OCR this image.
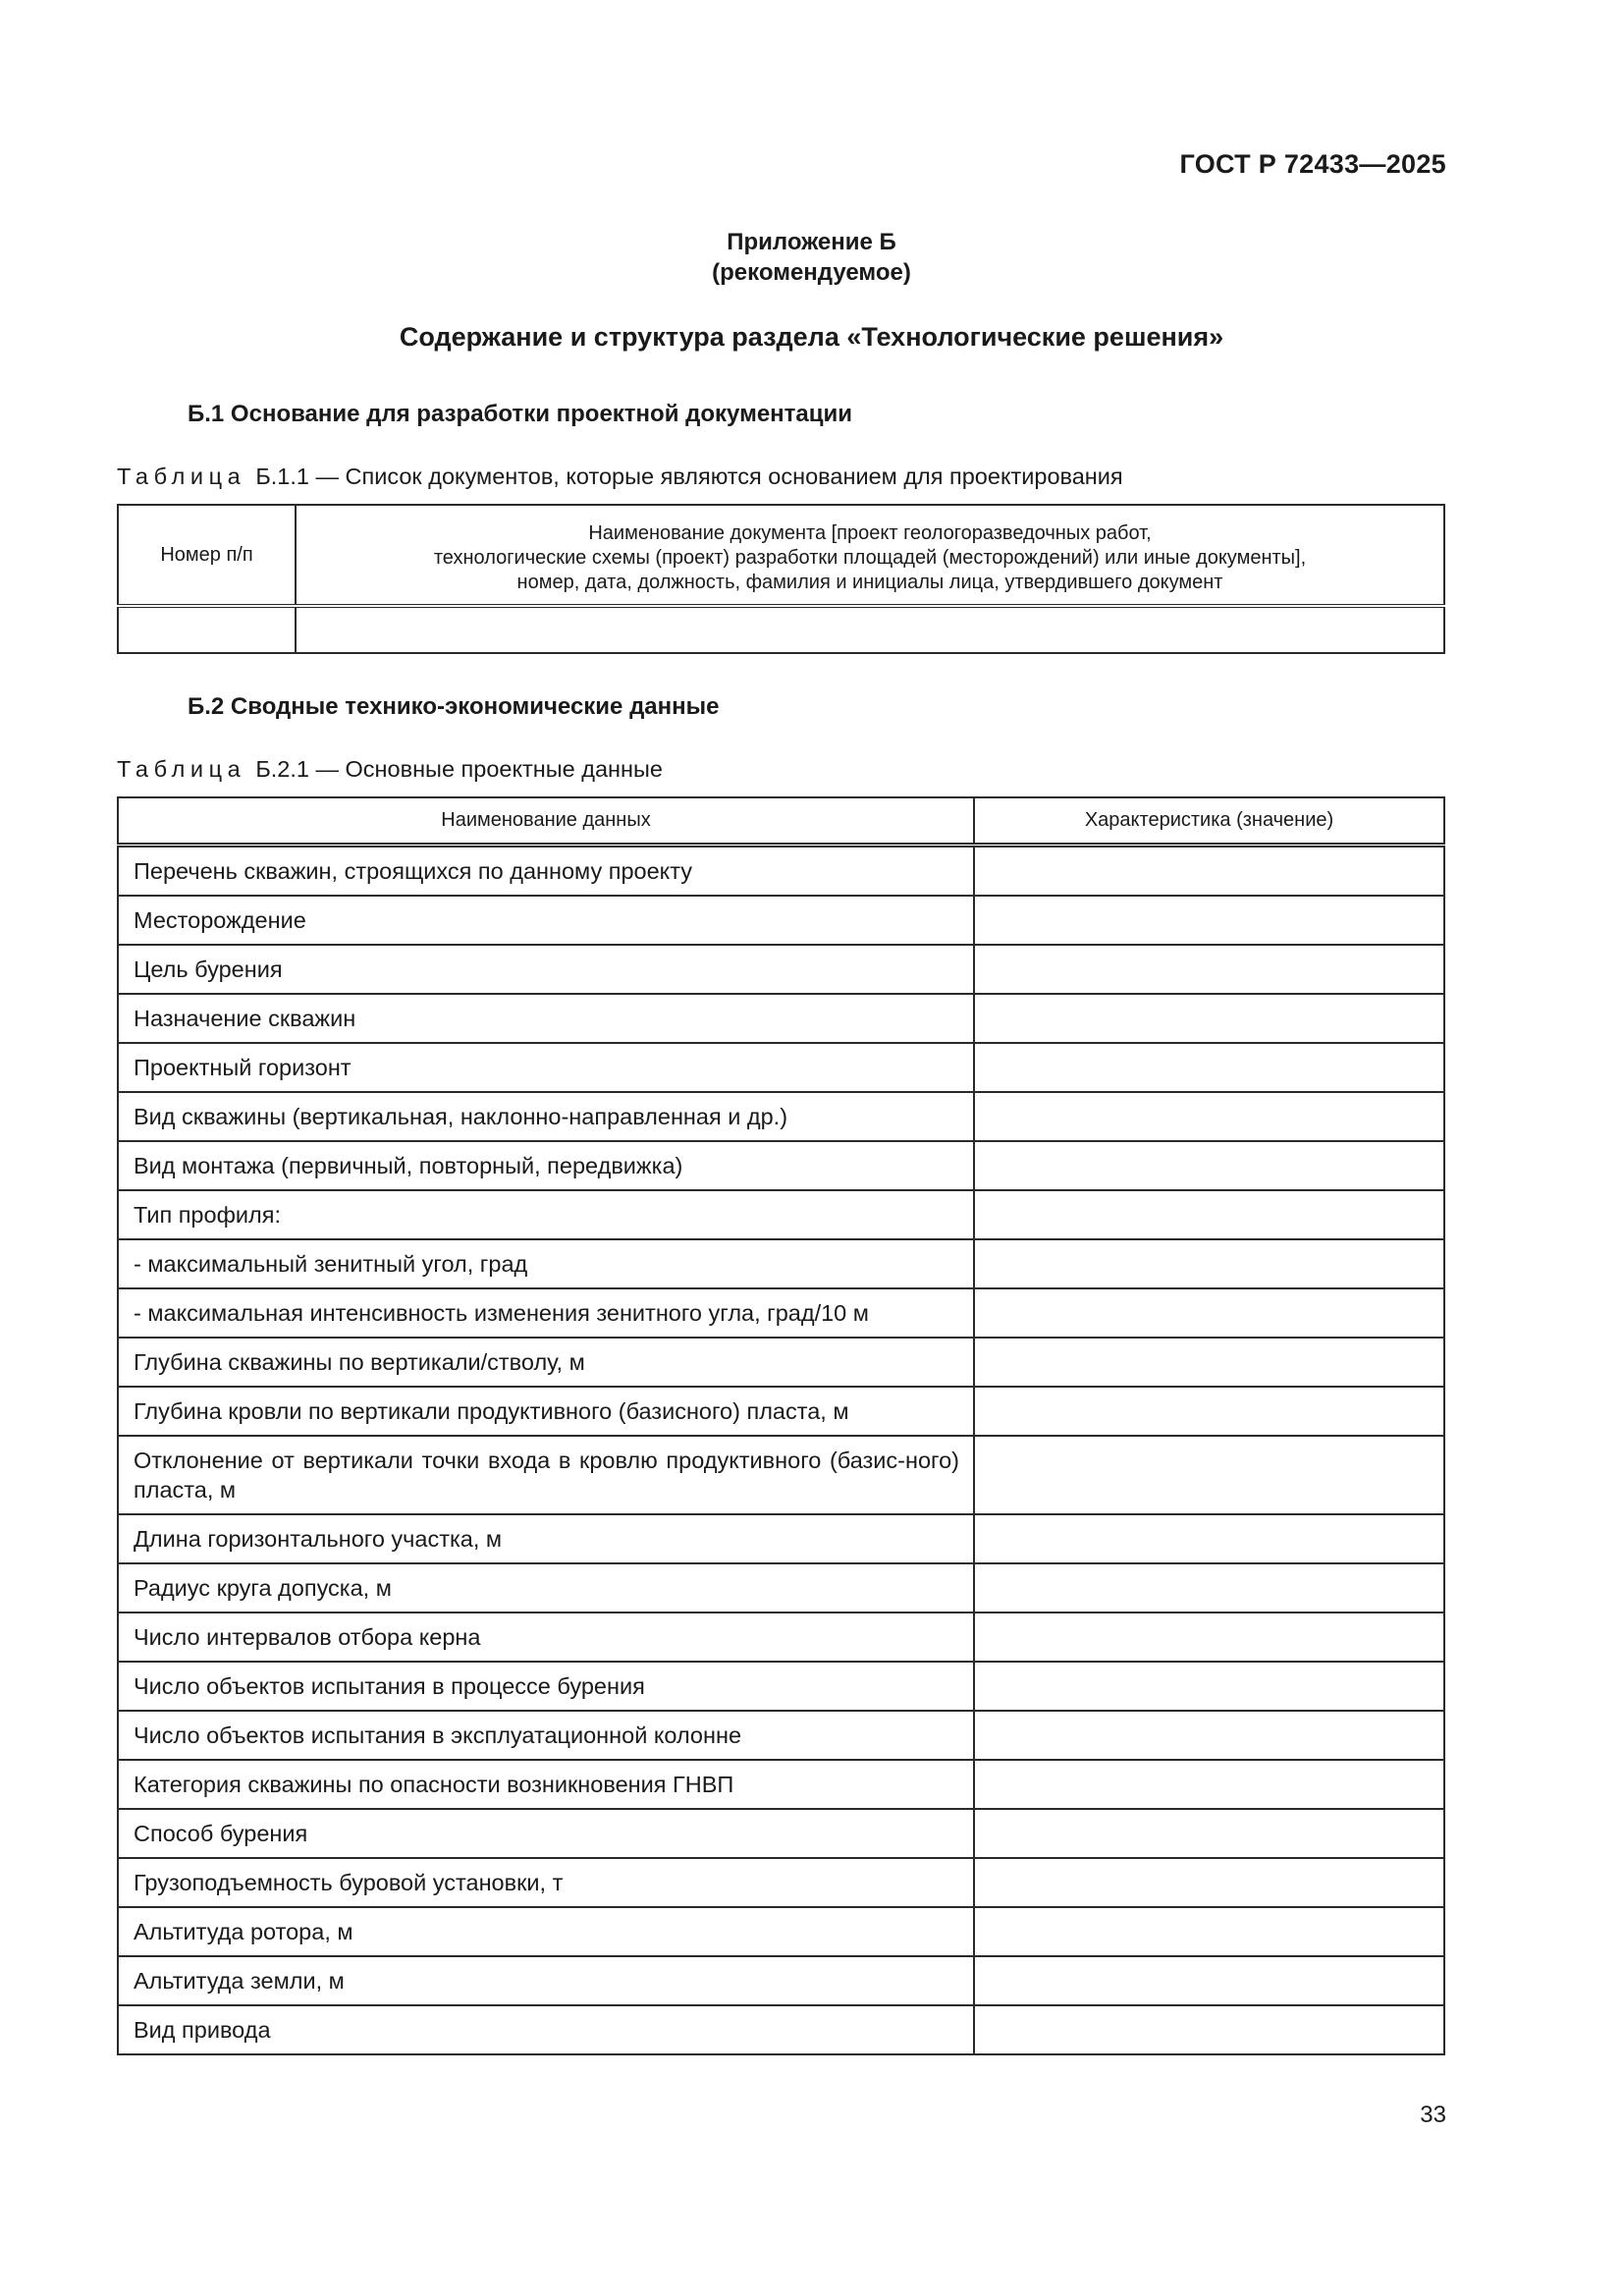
ГОСТ Р 72433—2025
Приложение Б
(рекомендуемое)
Содержание и структура раздела «Технологические решения»
Б.1 Основание для разработки проектной документации
Таблица Б.1.1 — Список документов, которые являются основанием для проектирования
Номер п/п	Наименование документа [проект геологоразведочных работ,
технологические схемы (проект) разработки площадей (месторождений) или иные документы],
номер, дата, должность, фамилия и инициалы лица, утвердившего документ

Б.2 Сводные технико-экономические данные
Таблица Б.2.1 — Основные проектные данные
Наименование данных	Характеристика (значение)
Перечень скважин, строящихся по данному проекту	
Месторождение	
Цель бурения	
Назначение скважин	
Проектный горизонт	
Вид скважины (вертикальная, наклонно-направленная и др.)	
Вид монтажа (первичный, повторный, передвижка)	
Тип профиля:	
- максимальный зенитный угол, град	
- максимальная интенсивность изменения зенитного угла, град/10 м	
Глубина скважины по вертикали/стволу, м	
Глубина кровли по вертикали продуктивного (базисного) пласта, м	
Отклонение от вертикали точки входа в кровлю продуктивного (базис-ного) пласта, м	
Длина горизонтального участка, м	
Радиус круга допуска, м	
Число интервалов отбора керна	
Число объектов испытания в процессе бурения	
Число объектов испытания в эксплуатационной колонне	
Категория скважины по опасности возникновения ГНВП	
Способ бурения	
Грузоподъемность буровой установки, т	
Альтитуда ротора, м	
Альтитуда земли, м	
Вид привода	
33
